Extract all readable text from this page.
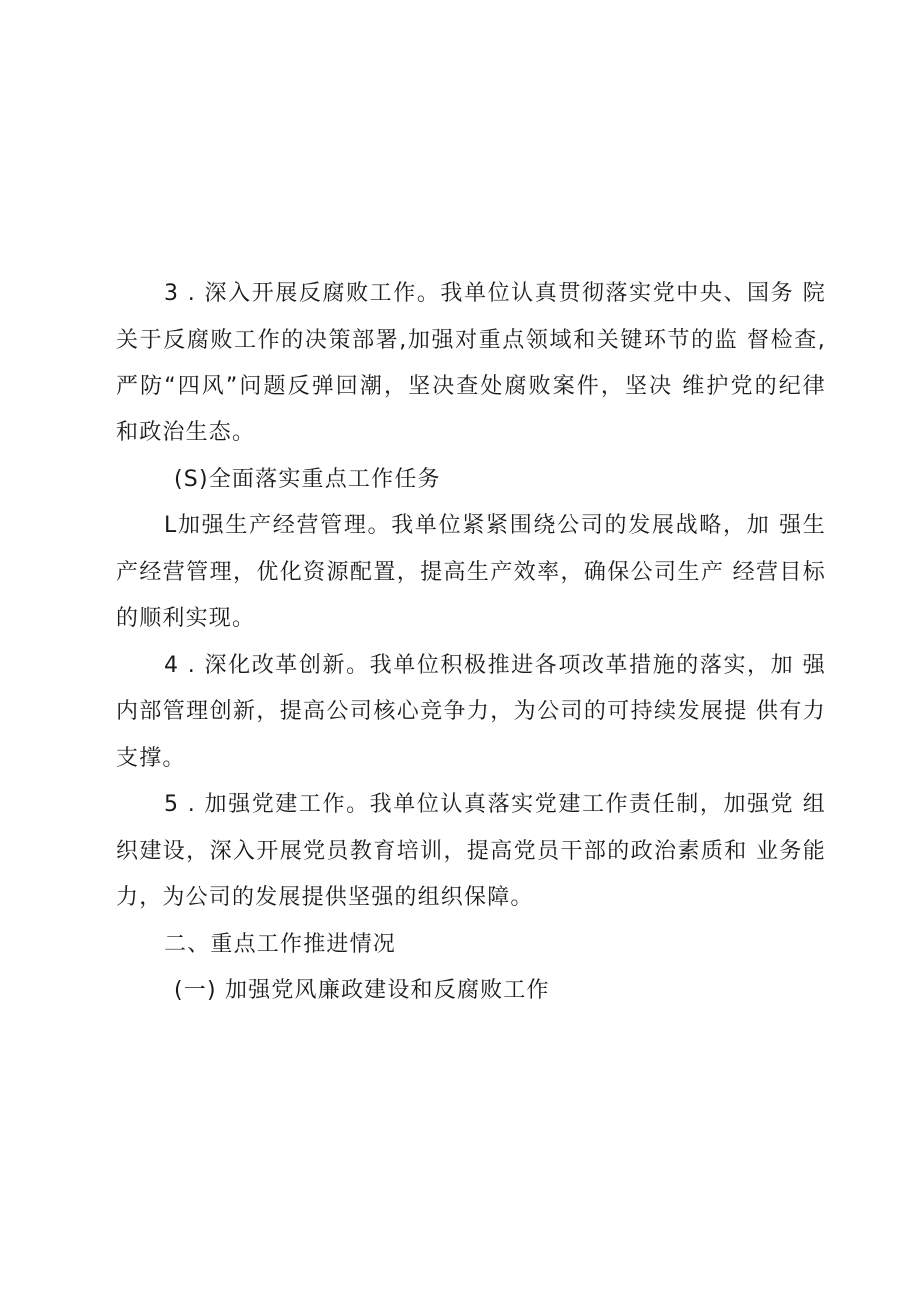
3 . 深入开展反腐败工作。我单位认真贯彻落实党中央、国务 院
关于反腐败工作的决策部署,加强对重点领域和关键环节的监 督检查,
严防“四风”问题反弹回潮，坚决查处腐败案件，坚决 维护党的纪律
和政治生态。
(S)全面落实重点工作任务
L加强生产经营管理。我单位紧紧围绕公司的发展战略，加 强生
产经营管理，优化资源配置，提高生产效率，确保公司生产 经营目标
的顺利实现。
4 . 深化改革创新。我单位积极推进各项改革措施的落实，加 强
内部管理创新，提高公司核心竞争力，为公司的可持续发展提 供有力
支撑。
5 . 加强党建工作。我单位认真落实党建工作责任制，加强党 组
织建设，深入开展党员教育培训，提高党员干部的政治素质和 业务能
力，为公司的发展提供坚强的组织保障。
二、重点工作推进情况
(一) 加强党风廉政建设和反腐败工作
